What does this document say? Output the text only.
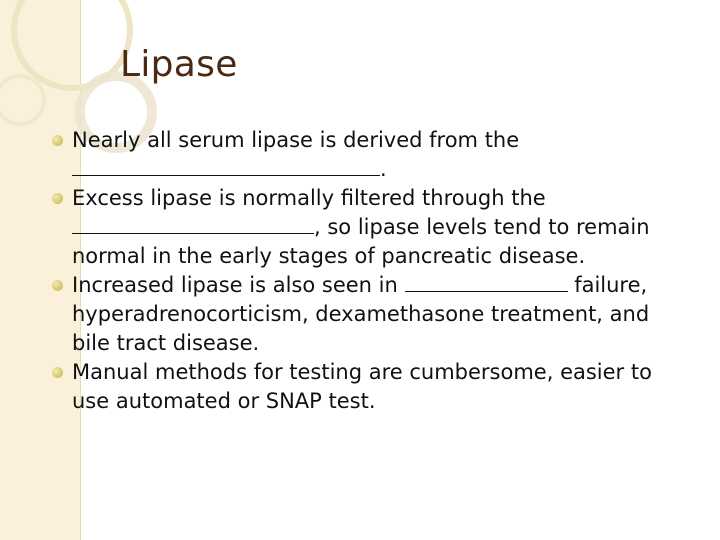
Lipase
Nearly all serum lipase is derived from the .
Excess lipase is normally filtered through the , so lipase levels tend to remain normal in the early stages of pancreatic disease.
Increased lipase is also seen in	failure, hyperadrenocorticism, dexamethasone treatment, and bile tract disease.
Manual methods for testing are cumbersome, easier to use automated or SNAP test.
